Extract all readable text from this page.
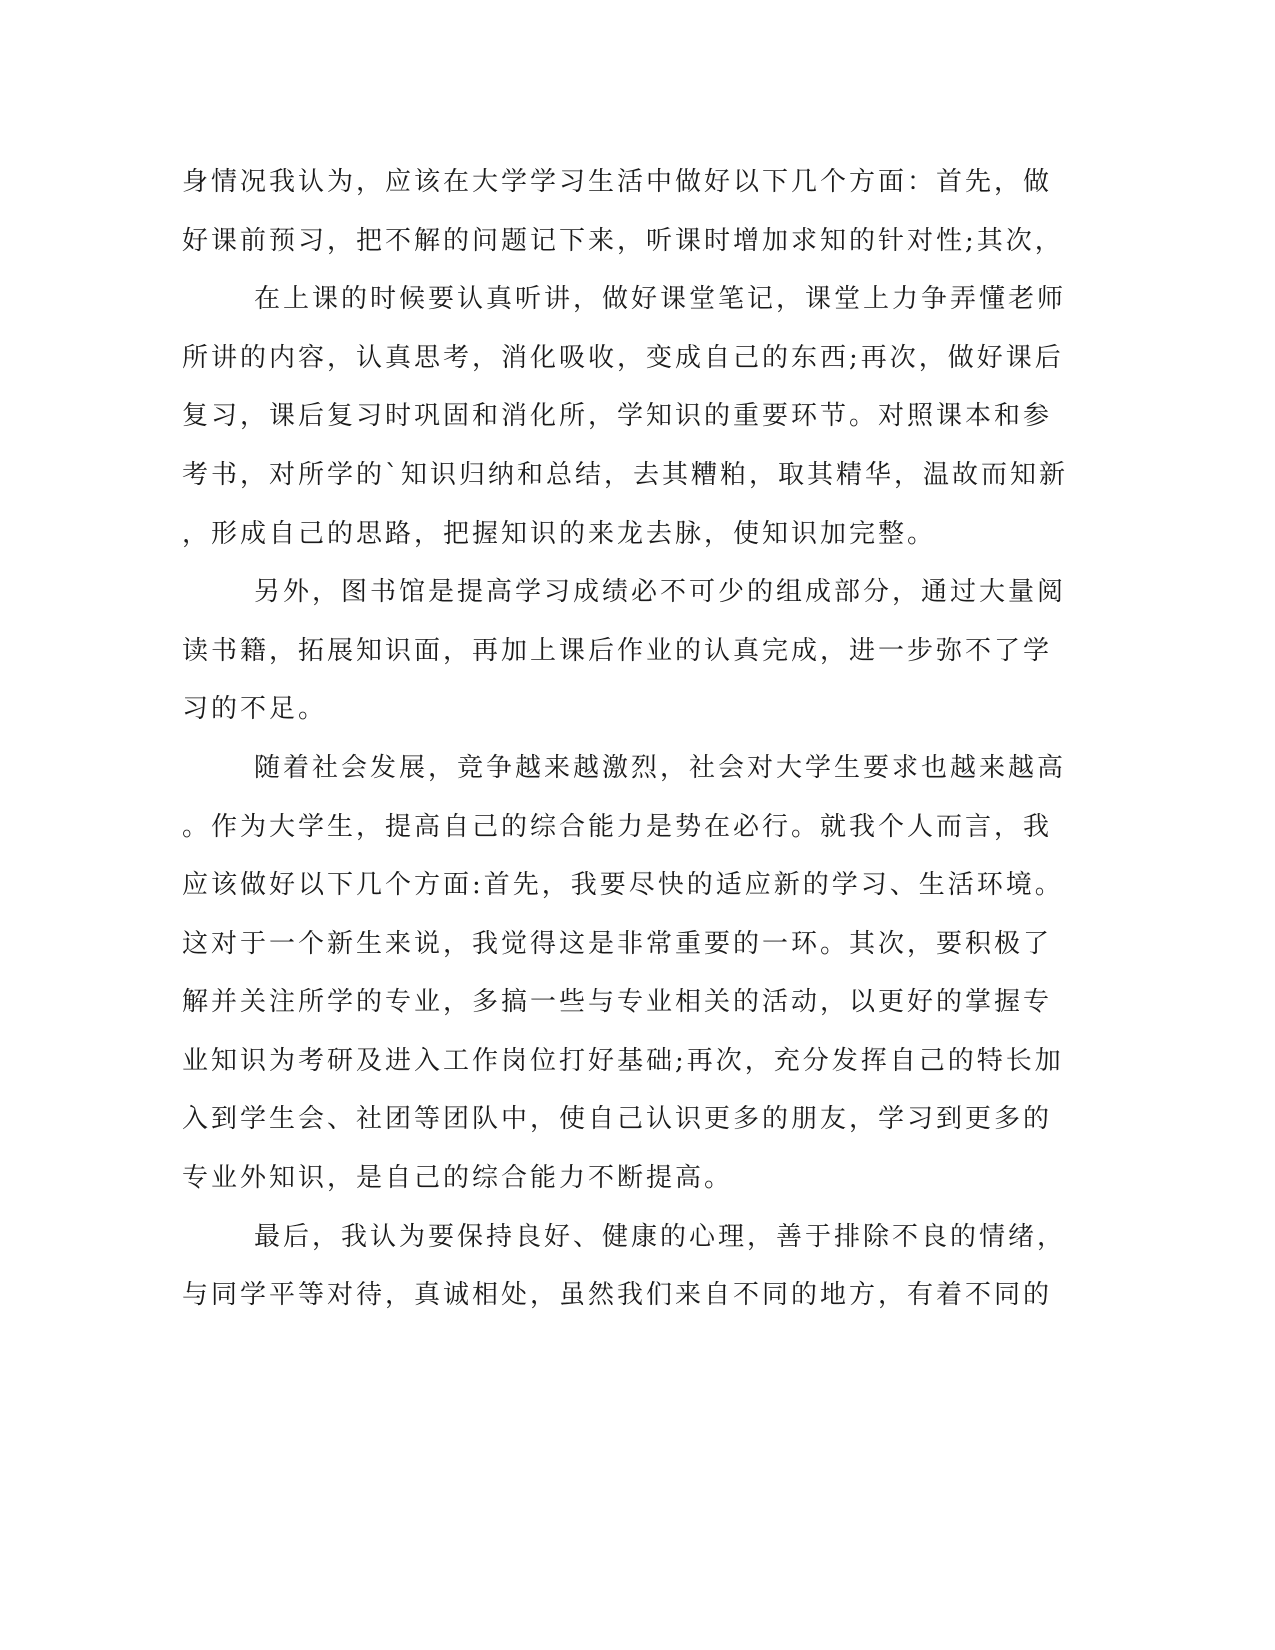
身情况我认为，应该在大学学习生活中做好以下几个方面：首先，做
好课前预习，把不解的问题记下来，听课时增加求知的针对性;其次，
在上课的时候要认真听讲，做好课堂笔记，课堂上力争弄懂老师
所讲的内容，认真思考，消化吸收，变成自己的东西;再次，做好课后
复习，课后复习时巩固和消化所，学知识的重要环节。对照课本和参
考书，对所学的`知识归纳和总结，去其糟粕，取其精华，温故而知新
，形成自己的思路，把握知识的来龙去脉，使知识加完整。
另外，图书馆是提高学习成绩必不可少的组成部分，通过大量阅
读书籍，拓展知识面，再加上课后作业的认真完成，进一步弥不了学
习的不足。
随着社会发展，竞争越来越激烈，社会对大学生要求也越来越高
。作为大学生，提高自己的综合能力是势在必行。就我个人而言，我
应该做好以下几个方面:首先，我要尽快的适应新的学习、生活环境。
这对于一个新生来说，我觉得这是非常重要的一环。其次，要积极了
解并关注所学的专业，多搞一些与专业相关的活动，以更好的掌握专
业知识为考研及进入工作岗位打好基础;再次，充分发挥自己的特长加
入到学生会、社团等团队中，使自己认识更多的朋友，学习到更多的
专业外知识，是自己的综合能力不断提高。
最后，我认为要保持良好、健康的心理，善于排除不良的情绪，
与同学平等对待，真诚相处，虽然我们来自不同的地方，有着不同的
